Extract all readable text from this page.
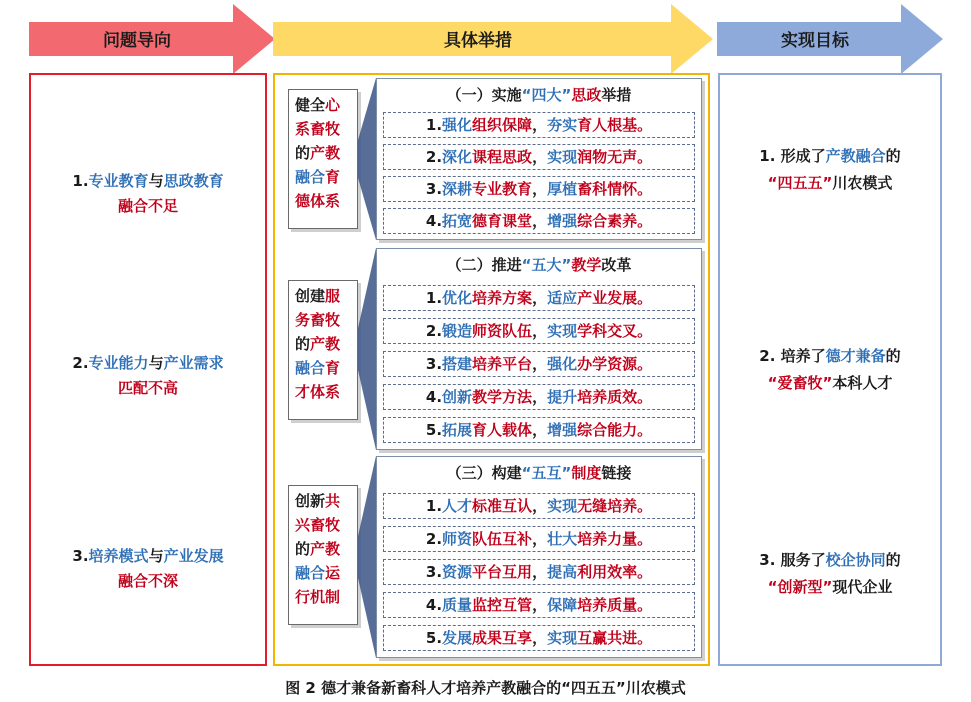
问题导向	具体举措	实现目标
1.专业教育与思政教育
融合不足
2.专业能力与产业需求
匹配不高
3.培养模式与产业发展
融合不深
健全心
系畜牧
的产教
融合育
德体系
创建服
务畜牧
的产教
融合育
才体系
创新共
兴畜牧
的产教
融合运
行机制
（一）实施“四大”思政举措
1.强化组织保障，夯实育人根基。
2.深化课程思政，实现润物无声。
3.深耕专业教育，厚植畜科情怀。
4.拓宽德育课堂，增强综合素养。
（二）推进“五大”教学改革
1.优化培养方案，适应产业发展。
2.锻造师资队伍，实现学科交叉。
3.搭建培养平台，强化办学资源。
4.创新教学方法，提升培养质效。
5.拓展育人载体，增强综合能力。
（三）构建“五互”制度链接
1.人才标准互认，实现无缝培养。
2.师资队伍互补，壮大培养力量。
3.资源平台互用，提高利用效率。
4.质量监控互管，保障培养质量。
5.发展成果互享，实现互赢共进。
1. 形成了产教融合的
“四五五”川农模式
2. 培养了德才兼备的
“爱畜牧”本科人才
3. 服务了校企协同的
“创新型”现代企业
图 2 德才兼备新畜科人才培养产教融合的“四五五”川农模式
